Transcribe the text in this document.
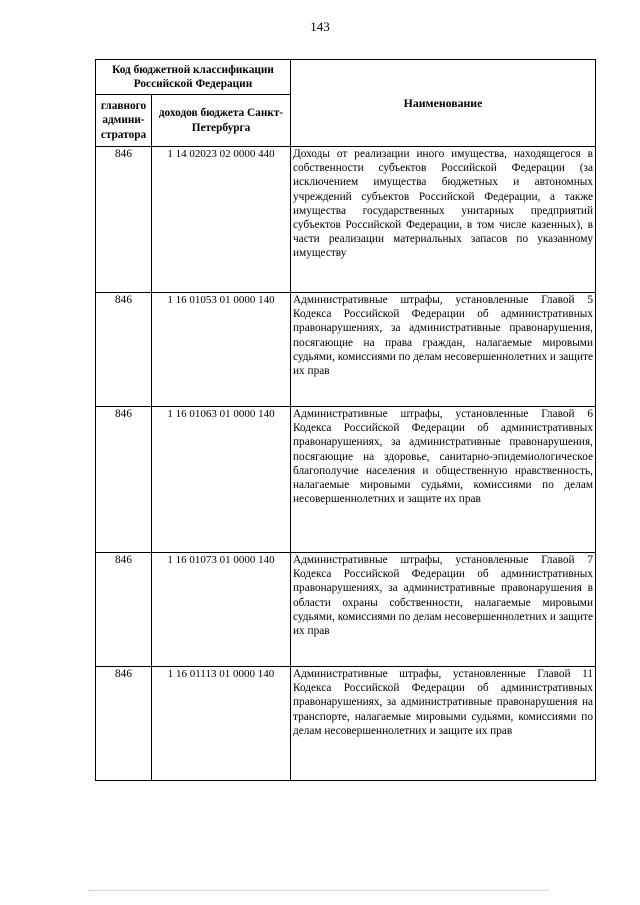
143
Код бюджетной классификации Российской Федерации		Наименование
главного админи-стратора	доходов бюджета Санкт-Петербурга	
846	1 14 02023 02 0000 440	Доходы от реализации иного имущества, находящегося в собственности субъектов Российской Федерации (за исключением имущества бюджетных и автономных учреждений субъектов Российской Федерации, а также имущества государственных унитарных предприятий субъектов Российской Федерации, в том числе казенных), в части реализации материальных запасов по указанному имуществу
846	1 16 01053 01 0000 140	Административные штрафы, установленные Главой 5 Кодекса Российской Федерации об административных правонарушениях, за административные правонарушения, посягающие на права граждан, налагаемые мировыми судьями, комиссиями по делам несовершеннолетних и защите их прав
846	1 16 01063 01 0000 140	Административные штрафы, установленные Главой 6 Кодекса Российской Федерации об административных правонарушениях, за административные правонарушения, посягающие на здоровье, санитарно-эпидемиологическое благополучие населения и общественную нравственность, налагаемые мировыми судьями, комиссиями по делам несовершеннолетних и защите их прав
846	1 16 01073 01 0000 140	Административные штрафы, установленные Главой 7 Кодекса Российской Федерации об административных правонарушениях, за административные правонарушения в области охраны собственности, налагаемые мировыми судьями, комиссиями по делам несовершеннолетних и защите их прав
846	1 16 01113 01 0000 140	Административные штрафы, установленные Главой 11 Кодекса Российской Федерации об административных правонарушениях, за административные правонарушения на транспорте, налагаемые мировыми судьями, комиссиями по делам несовершеннолетних и защите их прав
